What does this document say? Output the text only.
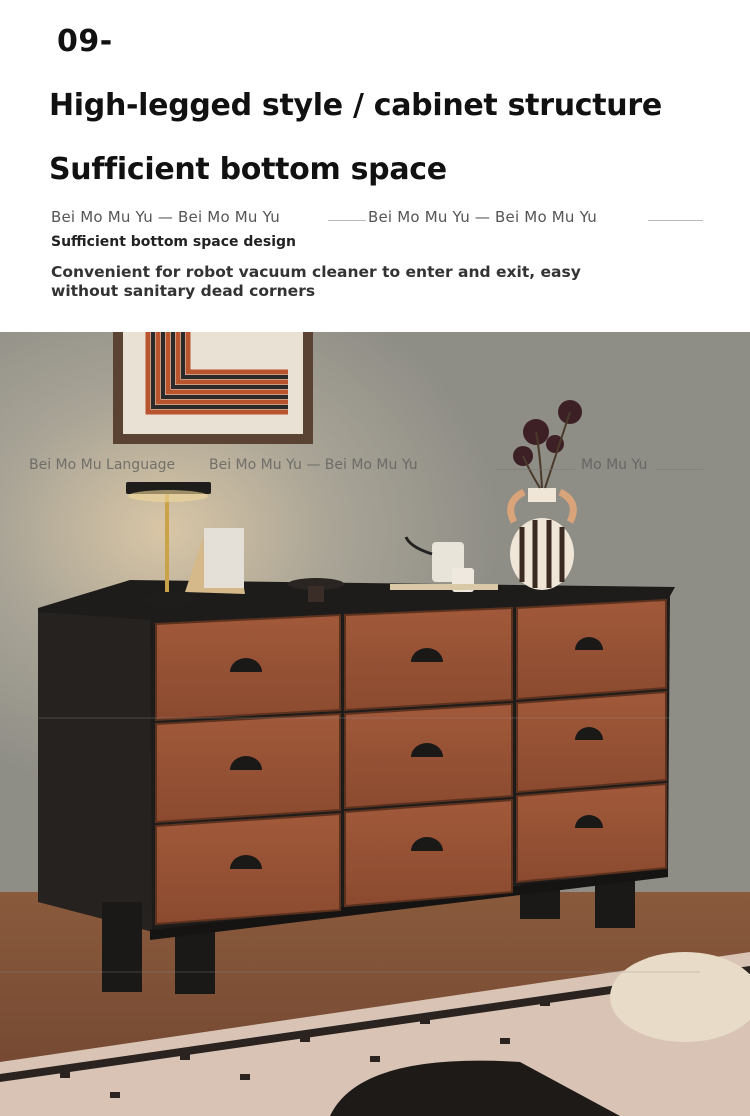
09-
High-legged style / cabinet structure
Sufficient bottom space
Bei Mo Mu Yu — Bei Mo Mu Yu	Bei Mo Mu Yu — Bei Mo Mu Yu
Sufficient bottom space design
Convenient for robot vacuum cleaner to enter and exit, easy without sanitary dead corners
Bei Mo Mu Language Bei Mo Mu Yu — Bei Mo Mu Yu	Mo Mu Yu
